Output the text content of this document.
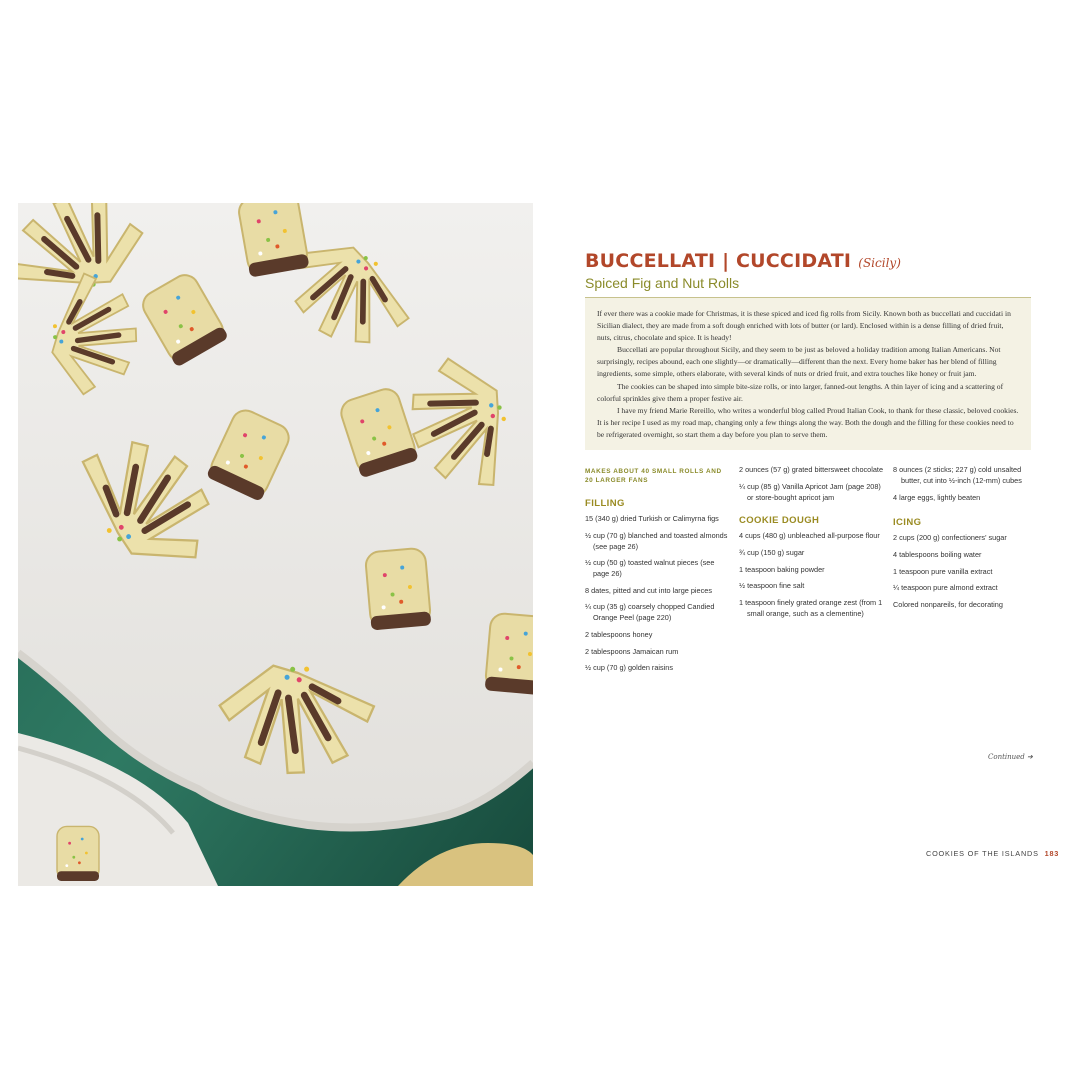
BUCCELLATI | CUCCIDATI (Sicily)
Spiced Fig and Nut Rolls

If ever there was a cookie made for Christmas, it is these spiced and iced fig rolls from Sicily. Known both as buccellati and cuccidati in Sicilian dialect, they are made from a soft dough enriched with lots of butter (or lard). Enclosed within is a dense filling of dried fruit, nuts, citrus, chocolate and spice. It is heady!

Buccellati are popular throughout Sicily, and they seem to be just as beloved a holiday tradition among Italian Americans. Not surprisingly, recipes abound, each one slightly—or dramatically—different than the next. Every home baker has her blend of filling ingredients, some simple, others elaborate, with several kinds of nuts or dried fruit, and extra touches like honey or fruit jam.

The cookies can be shaped into simple bite-size rolls, or into larger, fanned-out lengths. A thin layer of icing and a scattering of colorful sprinkles give them a proper festive air.

I have my friend Marie Rereillo, who writes a wonderful blog called Proud Italian Cook, to thank for these classic, beloved cookies. It is her recipe I used as my road map, changing only a few things along the way. Both the dough and the filling for these cookies need to be refrigerated overnight, so start them a day before you plan to serve them.

MAKES ABOUT 40 SMALL ROLLS AND 20 LARGER FANS
FILLING
15 (340 g) dried Turkish or Calimyrna figs
½ cup (70 g) blanched and toasted almonds (see page 26)
½ cup (50 g) toasted walnut pieces (see page 26)
8 dates, pitted and cut into large pieces
¼ cup (35 g) coarsely chopped Candied Orange Peel (page 220)
2 tablespoons honey
2 tablespoons Jamaican rum
½ cup (70 g) golden raisins
2 ounces (57 g) grated bittersweet chocolate
¼ cup (85 g) Vanilla Apricot Jam (page 208) or store-bought apricot jam
COOKIE DOUGH
4 cups (480 g) unbleached all-purpose flour
¾ cup (150 g) sugar
1 teaspoon baking powder
½ teaspoon fine salt
1 teaspoon finely grated orange zest (from 1 small orange, such as a clementine)
8 ounces (2 sticks; 227 g) cold unsalted butter, cut into ½-inch (12-mm) cubes
4 large eggs, lightly beaten
ICING
2 cups (200 g) confectioners' sugar
4 tablespoons boiling water
1 teaspoon pure vanilla extract
¼ teaspoon pure almond extract
Colored nonpareils, for decorating
Continued ➔
COOKIES OF THE ISLANDS 183
